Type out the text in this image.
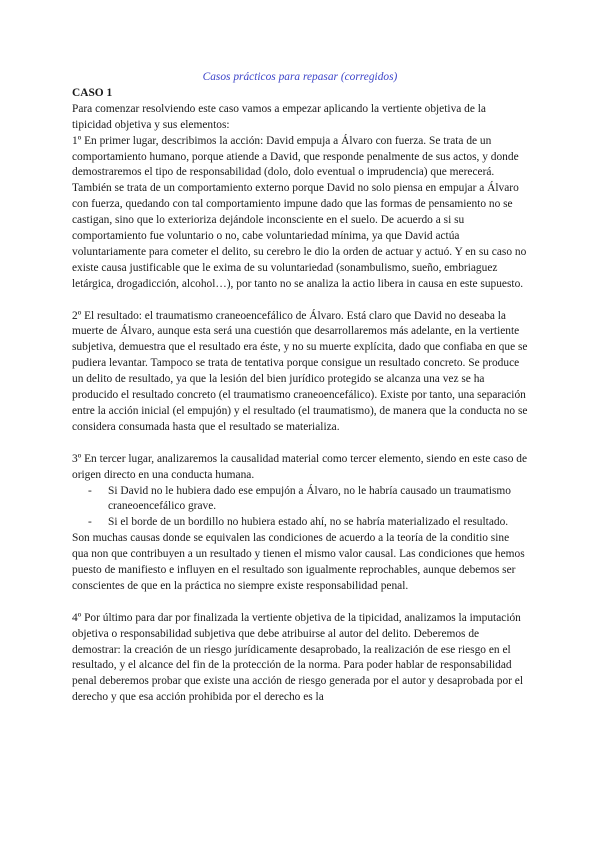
Casos prácticos para repasar (corregidos)

CASO 1

Para comenzar resolviendo este caso vamos a empezar aplicando la vertiente objetiva de la tipicidad objetiva y sus elementos:

1º En primer lugar, describimos la acción: David empuja a Álvaro con fuerza. Se trata de un comportamiento humano, porque atiende a David, que responde penalmente de sus actos, y donde demostraremos el tipo de responsabilidad (dolo, dolo eventual o imprudencia) que merecerá. También se trata de un comportamiento externo porque David no solo piensa en empujar a Álvaro con fuerza, quedando con tal comportamiento impune dado que las formas de pensamiento no se castigan, sino que lo exterioriza dejándole inconsciente en el suelo. De acuerdo a si su comportamiento fue voluntario o no, cabe voluntariedad mínima, ya que David actúa voluntariamente para cometer el delito, su cerebro le dio la orden de actuar y actuó. Y en su caso no existe causa justificable que le exima de su voluntariedad (sonambulismo, sueño, embriaguez letárgica, drogadicción, alcohol…), por tanto no se analiza la actio libera in causa en este supuesto.

2º El resultado: el traumatismo craneoencefálico de Álvaro. Está claro que David no deseaba la muerte de Álvaro, aunque esta será una cuestión que desarrollaremos más adelante, en la vertiente subjetiva, demuestra que el resultado era éste, y no su muerte explícita, dado que confiaba en que se pudiera levantar. Tampoco se trata de tentativa porque consigue un resultado concreto. Se produce un delito de resultado, ya que la lesión del bien jurídico protegido se alcanza una vez se ha producido el resultado concreto (el traumatismo craneoencefálico). Existe por tanto, una separación entre la acción inicial (el empujón) y el resultado (el traumatismo), de manera que la conducta no se considera consumada hasta que el resultado se materializa.

3º En tercer lugar, analizaremos la causalidad material como tercer elemento, siendo en este caso de origen directo en una conducta humana.

- Si David no le hubiera dado ese empujón a Álvaro, no le habría causado un traumatismo craneoencefálico grave.
- Si el borde de un bordillo no hubiera estado ahí, no se habría materializado el resultado.

Son muchas causas donde se equivalen las condiciones de acuerdo a la teoría de la conditio sine qua non que contribuyen a un resultado y tienen el mismo valor causal. Las condiciones que hemos puesto de manifiesto e influyen en el resultado son igualmente reprochables, aunque debemos ser conscientes de que en la práctica no siempre existe responsabilidad penal.

4º Por último para dar por finalizada la vertiente objetiva de la tipicidad, analizamos la imputación objetiva o responsabilidad subjetiva que debe atribuirse al autor del delito. Deberemos de demostrar: la creación de un riesgo jurídicamente desaprobado, la realización de ese riesgo en el resultado, y el alcance del fin de la protección de la norma. Para poder hablar de responsabilidad penal deberemos probar que existe una acción de riesgo generada por el autor y desaprobada por el derecho y que esa acción prohibida por el derecho es la
